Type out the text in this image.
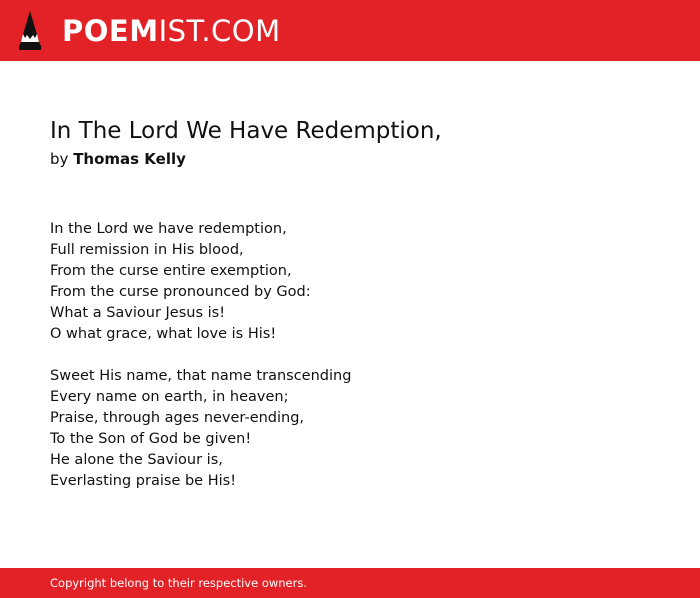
POEMIST.COM
In The Lord We Have Redemption,
by Thomas Kelly
In the Lord we have redemption,
Full remission in His blood,
From the curse entire exemption,
From the curse pronounced by God:
What a Saviour Jesus is!
O what grace, what love is His!
Sweet His name, that name transcending
Every name on earth, in heaven;
Praise, through ages never-ending,
To the Son of God be given!
He alone the Saviour is,
Everlasting praise be His!
Copyright belong to their respective owners.
